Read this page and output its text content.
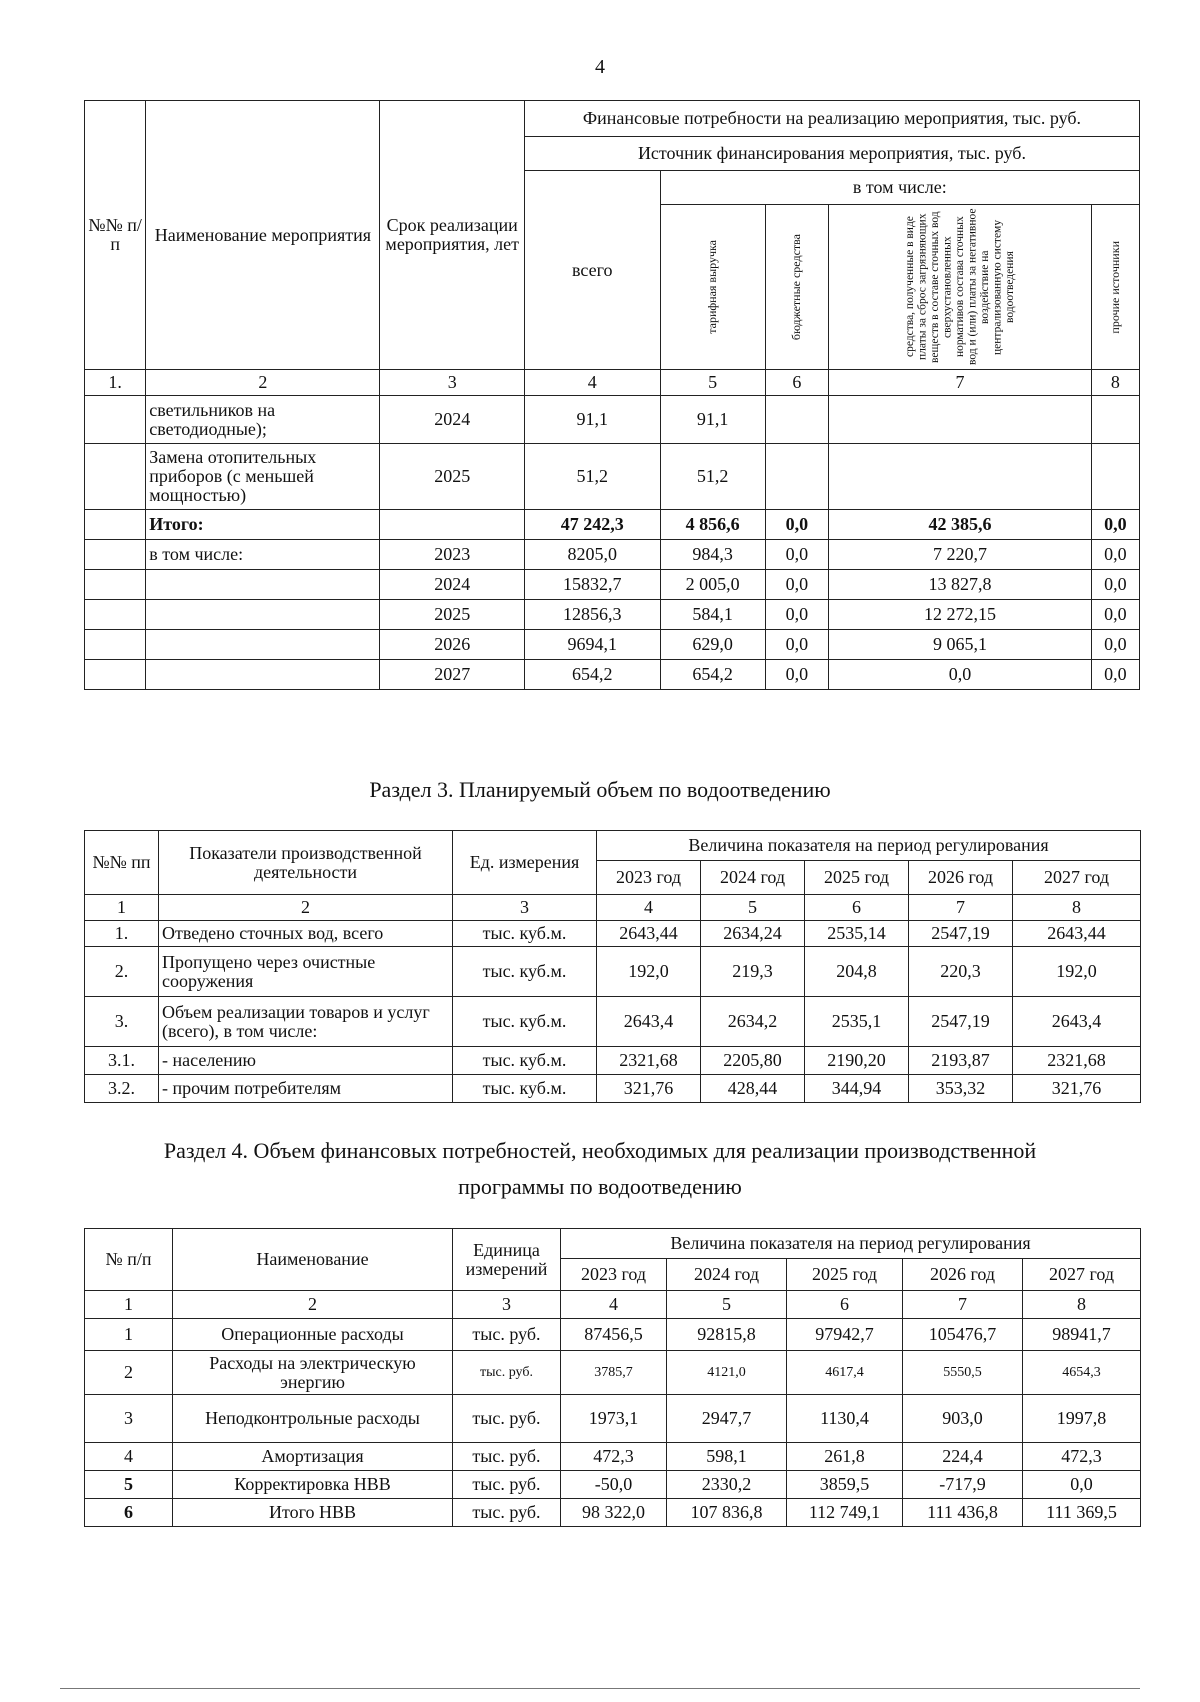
4
№№ п/п	Наименование мероприятия	Срок реализации мероприятия, лет	Финансовые потребности на реализацию мероприятия, тыс. руб.				
			Источник финансирования мероприятия, тыс. руб.				
			всего	в том числе:			

				тарифная выручка	бюджетные средства	средства, полученные в виде платы за сброс загрязняющих веществ в составе сточных вод сверхустановленных нормативов состава сточных вод и (или) платы за негативное воздействие на централизованную систему водоотведения	прочие источники

1.	2	3	4	5	6	7	8
	светильников на светодиодные);	2024	91,1	91,1			
	Замена отопительных приборов (с меньшей мощностью)	2025	51,2	51,2			
	Итого:		47 242,3	4 856,6	0,0	42 385,6	0,0
	в том числе:	2023	8205,0	984,3	0,0	7 220,7	0,0
		2024	15832,7	2 005,0	0,0	13 827,8	0,0
		2025	12856,3	584,1	0,0	12 272,15	0,0
		2026	9694,1	629,0	0,0	9 065,1	0,0
		2027	654,2	654,2	0,0	0,0	0,0
Раздел 3. Планируемый объем по водоотведению
№№ пп	Показатели производственной деятельности	Ед. измерения	Величина показателя на период регулирования				
			2023 год	2024 год	2025 год	2026 год	2027 год
1	2	3	4	5	6	7	8
1.	Отведено сточных вод, всего	тыс. куб.м.	2643,44	2634,24	2535,14	2547,19	2643,44
2.	Пропущено через очистные сооружения	тыс. куб.м.	192,0	219,3	204,8	220,3	192,0
3.	Объем реализации товаров и услуг (всего), в том числе:	тыс. куб.м.	2643,4	2634,2	2535,1	2547,19	2643,4
3.1.	- населению	тыс. куб.м.	2321,68	2205,80	2190,20	2193,87	2321,68
3.2.	- прочим потребителям	тыс. куб.м.	321,76	428,44	344,94	353,32	321,76
Раздел 4. Объем финансовых потребностей, необходимых для реализации производственной
программы по водоотведению
№ п/п	Наименование	Единица измерений	Величина показателя на период регулирования				
			2023 год	2024 год	2025 год	2026 год	2027 год
1	2	3	4	5	6	7	8
1	Операционные расходы	тыс. руб.	87456,5	92815,8	97942,7	105476,7	98941,7
2	Расходы на электрическую энергию	тыс. руб.	3785,7	4121,0	4617,4	5550,5	4654,3
3	Неподконтрольные расходы	тыс. руб.	1973,1	2947,7	1130,4	903,0	1997,8
4	Амортизация	тыс. руб.	472,3	598,1	261,8	224,4	472,3
5	Корректировка НВВ	тыс. руб.	-50,0	2330,2	3859,5	-717,9	0,0
6	Итого НВВ	тыс. руб.	98 322,0	107 836,8	112 749,1	111 436,8	111 369,5
